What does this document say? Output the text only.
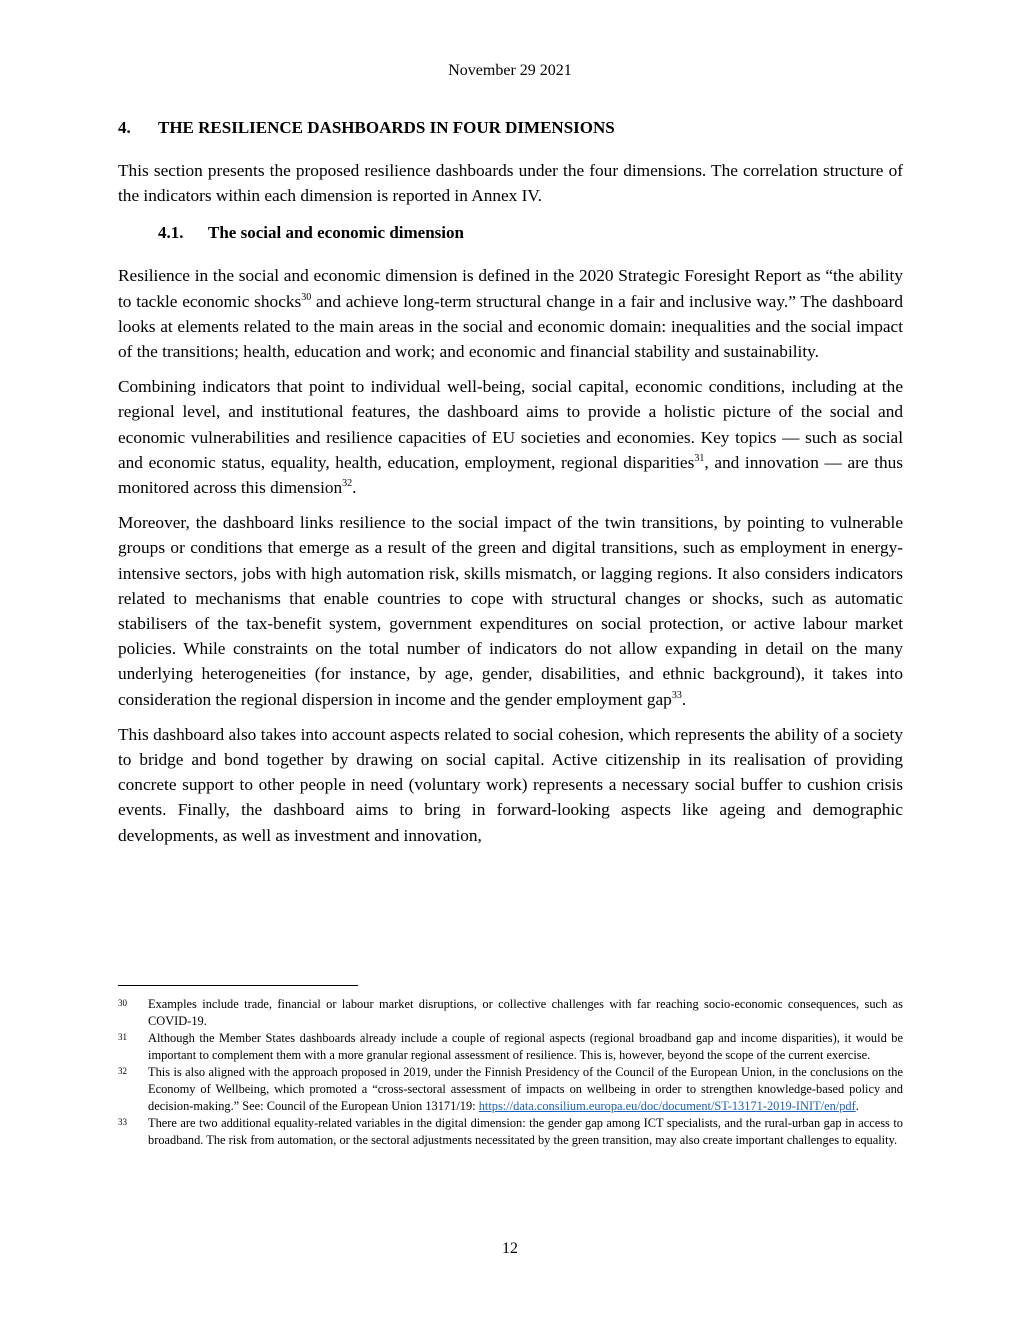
November 29 2021
4.	THE RESILIENCE DASHBOARDS IN FOUR DIMENSIONS

This section presents the proposed resilience dashboards under the four dimensions. The correlation structure of the indicators within each dimension is reported in Annex IV.

4.1.	The social and economic dimension

Resilience in the social and economic dimension is defined in the 2020 Strategic Foresight Report as “the ability to tackle economic shocks$^{30}$ and achieve long-term structural change in a fair and inclusive way.” The dashboard looks at elements related to the main areas in the social and economic domain: inequalities and the social impact of the transitions; health, education and work; and economic and financial stability and sustainability.

Combining indicators that point to individual well-being, social capital, economic conditions, including at the regional level, and institutional features, the dashboard aims to provide a holistic picture of the social and economic vulnerabilities and resilience capacities of EU societies and economies. Key topics — such as social and economic status, equality, health, education, employment, regional disparities$^{31}$, and innovation — are thus monitored across this dimension$^{32}$.

Moreover, the dashboard links resilience to the social impact of the twin transitions, by pointing to vulnerable groups or conditions that emerge as a result of the green and digital transitions, such as employment in energy-intensive sectors, jobs with high automation risk, skills mismatch, or lagging regions. It also considers indicators related to mechanisms that enable countries to cope with structural changes or shocks, such as automatic stabilisers of the tax-benefit system, government expenditures on social protection, or active labour market policies. While constraints on the total number of indicators do not allow expanding in detail on the many underlying heterogeneities (for instance, by age, gender, disabilities, and ethnic background), it takes into consideration the regional dispersion in income and the gender employment gap$^{33}$.

This dashboard also takes into account aspects related to social cohesion, which represents the ability of a society to bridge and bond together by drawing on social capital. Active citizenship in its realisation of providing concrete support to other people in need (voluntary work) represents a necessary social buffer to cushion crisis events. Finally, the dashboard aims to bring in forward-looking aspects like ageing and demographic developments, as well as investment and innovation,

30	Examples include trade, financial or labour market disruptions, or collective challenges with far reaching socio-economic consequences, such as COVID-19.
31	Although the Member States dashboards already include a couple of regional aspects (regional broadband gap and income disparities), it would be important to complement them with a more granular regional assessment of resilience. This is, however, beyond the scope of the current exercise.
32	This is also aligned with the approach proposed in 2019, under the Finnish Presidency of the Council of the European Union, in the conclusions on the Economy of Wellbeing, which promoted a “cross-sectoral assessment of impacts on wellbeing in order to strengthen knowledge-based policy and decision-making.” See: Council of the European Union 13171/19: https://data.consilium.europa.eu/doc/document/ST-13171-2019-INIT/en/pdf.
33	There are two additional equality-related variables in the digital dimension: the gender gap among ICT specialists, and the rural-urban gap in access to broadband. The risk from automation, or the sectoral adjustments necessitated by the green transition, may also create important challenges to equality.
12
